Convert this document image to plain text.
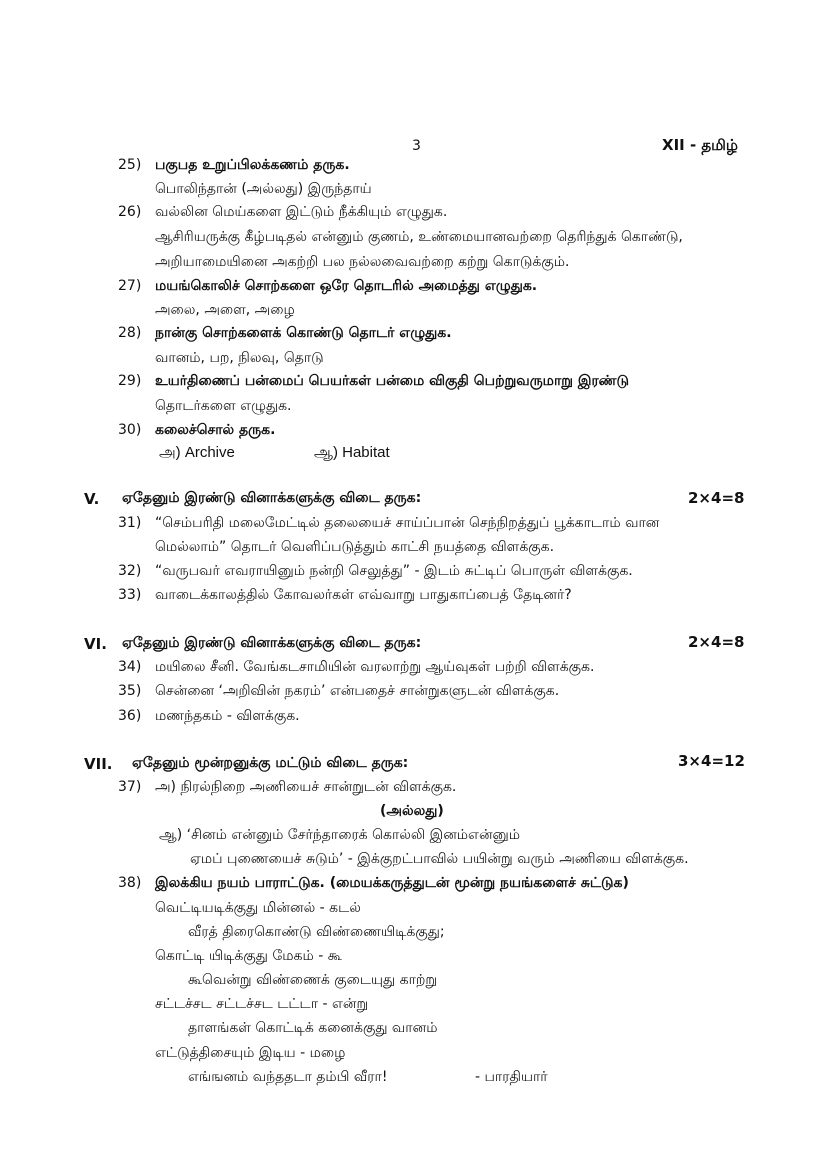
3	XII - தமிழ்
25) பகுபத உறுப்பிலக்கணம் தருக.
பொலிந்தான் (அல்லது) இருந்தாய்
26) வல்லின மெய்களை இட்டும் நீக்கியும் எழுதுக.
ஆசிரியருக்கு கீழ்படிதல் என்னும் குணம், உண்மையானவற்றை தெரிந்துக் கொண்டு,
அறியாமையினை அகற்றி பல நல்லவைவற்றை கற்று கொடுக்கும்.
27) மயங்கொலிச் சொற்களை ஒரே தொடரில் அமைத்து எழுதுக.
அலை, அளை, அழை
28) நான்கு சொற்களைக் கொண்டு தொடர் எழுதுக.
வானம், பற, நிலவு, தொடு
29) உயர்திணைப் பன்மைப் பெயர்கள் பன்மை விகுதி பெற்றுவருமாறு இரண்டு
தொடர்களை எழுதுக.
30) கலைச்சொல் தருக.
அ) Archive	ஆ) Habitat
V. ஏதேனும் இரண்டு வினாக்களுக்கு விடை தருக:	2×4=8
31) “செம்பரிதி மலைமேட்டில் தலையைச் சாய்ப்பான் செந்நிறத்துப் பூக்காடாம் வான
மெல்லாம்” தொடர் வெளிப்படுத்தும் காட்சி நயத்தை விளக்குக.
32) “வருபவர் எவராயினும் நன்றி செலுத்து” - இடம் சுட்டிப் பொருள் விளக்குக.
33) வாடைக்காலத்தில் கோவலர்கள் எவ்வாறு பாதுகாப்பைத் தேடினர்?
VI. ஏதேனும் இரண்டு வினாக்களுக்கு விடை தருக:	2×4=8
34) மயிலை சீனி. வேங்கடசாமியின் வரலாற்று ஆய்வுகள் பற்றி விளக்குக.
35) சென்னை ‘அறிவின் நகரம்’ என்பதைச் சான்றுகளுடன் விளக்குக.
36) மணந்தகம் - விளக்குக.
VII. ஏதேனும் மூன்றனுக்கு மட்டும் விடை தருக:	3×4=12
37) அ) நிரல்நிறை அணியைச் சான்றுடன் விளக்குக.
(அல்லது)
ஆ) ‘சினம் என்னும் சேர்ந்தாரைக் கொல்லி இனம்என்னும்
ஏமப் புணையைச் சுடும்’ - இக்குறட்பாவில் பயின்று வரும் அணியை விளக்குக.
38) இலக்கிய நயம் பாராட்டுக. (மையக்கருத்துடன் மூன்று நயங்களைச் சுட்டுக)
வெட்டியடிக்குது மின்னல் - கடல்
வீரத் திரைகொண்டு விண்ணையிடிக்குது;
கொட்டி யிடிக்குது மேகம் - கூ
கூவென்று விண்ணைக் குடையுது காற்று
சட்டச்சட சட்டச்சட டட்டா - என்று
தாளங்கள் கொட்டிக் கனைக்குது வானம்
எட்டுத்திசையும் இடிய - மழை
எங்ஙனம் வந்ததடா தம்பி வீரா!	- பாரதியார்
